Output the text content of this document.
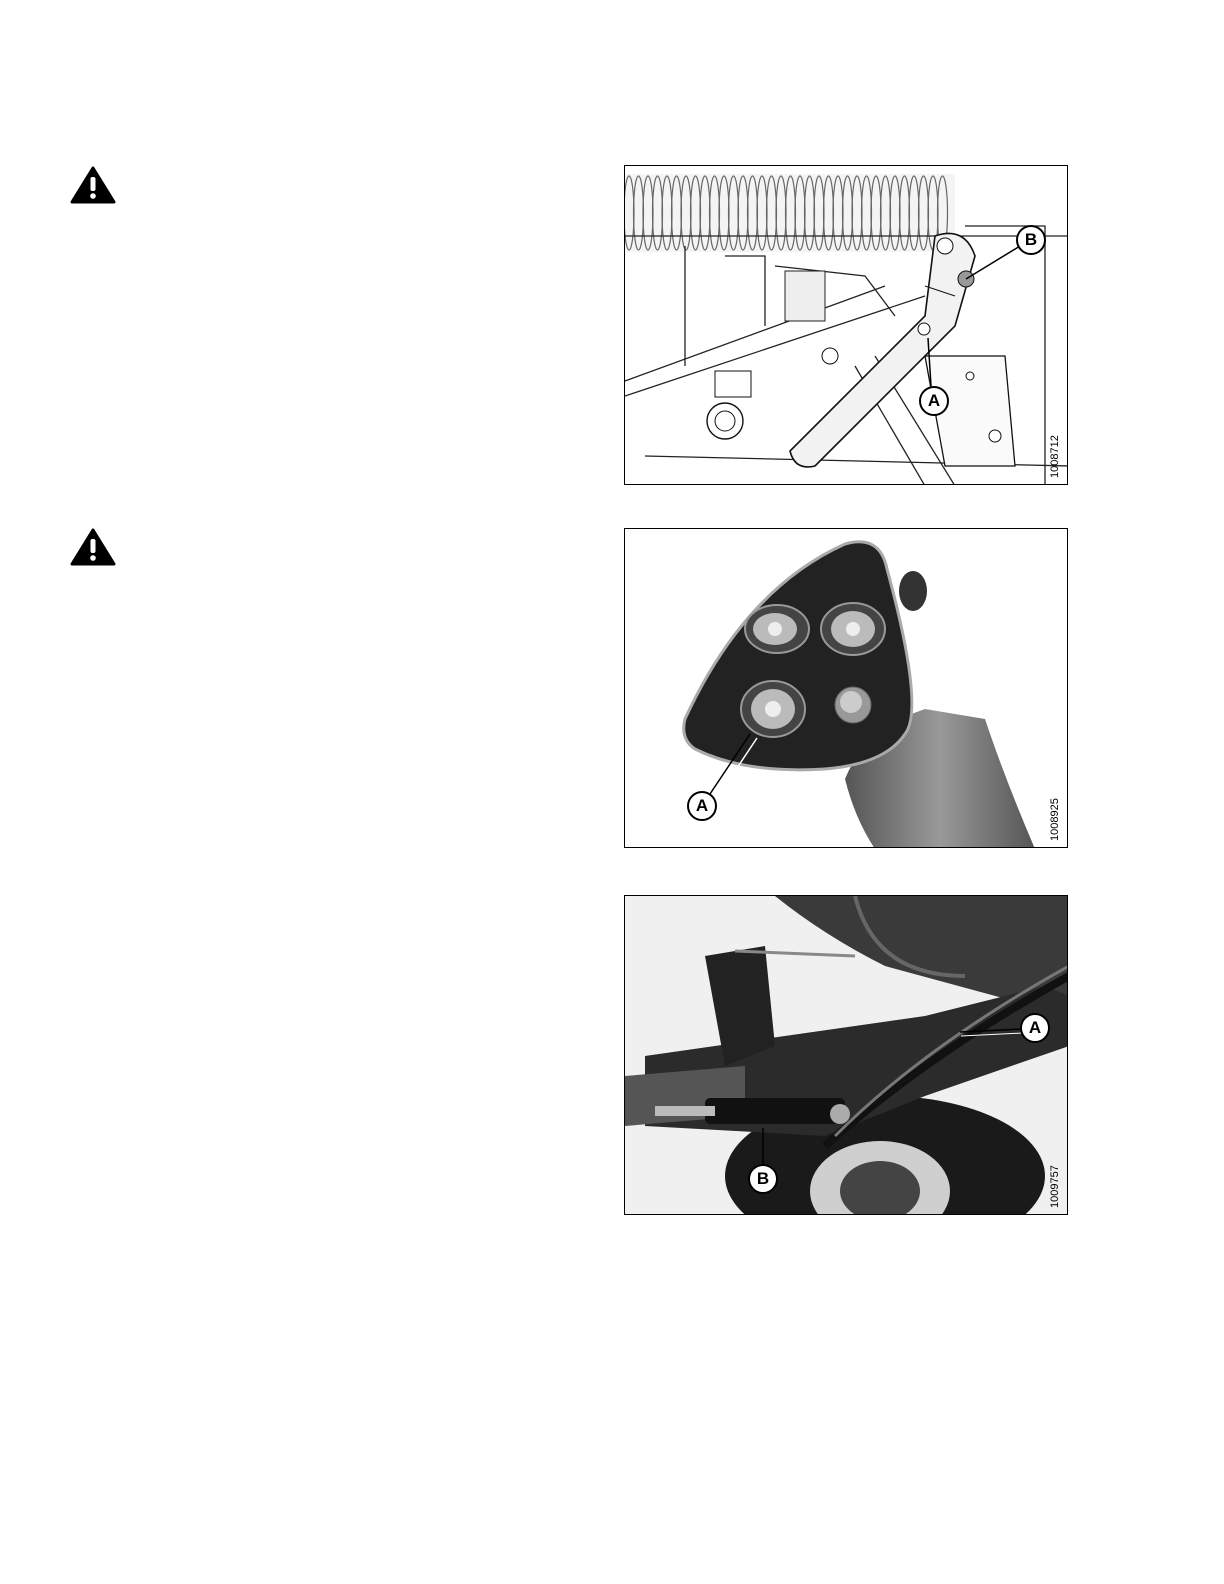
B
A
1008712
A	1008925
A
B	1009757
